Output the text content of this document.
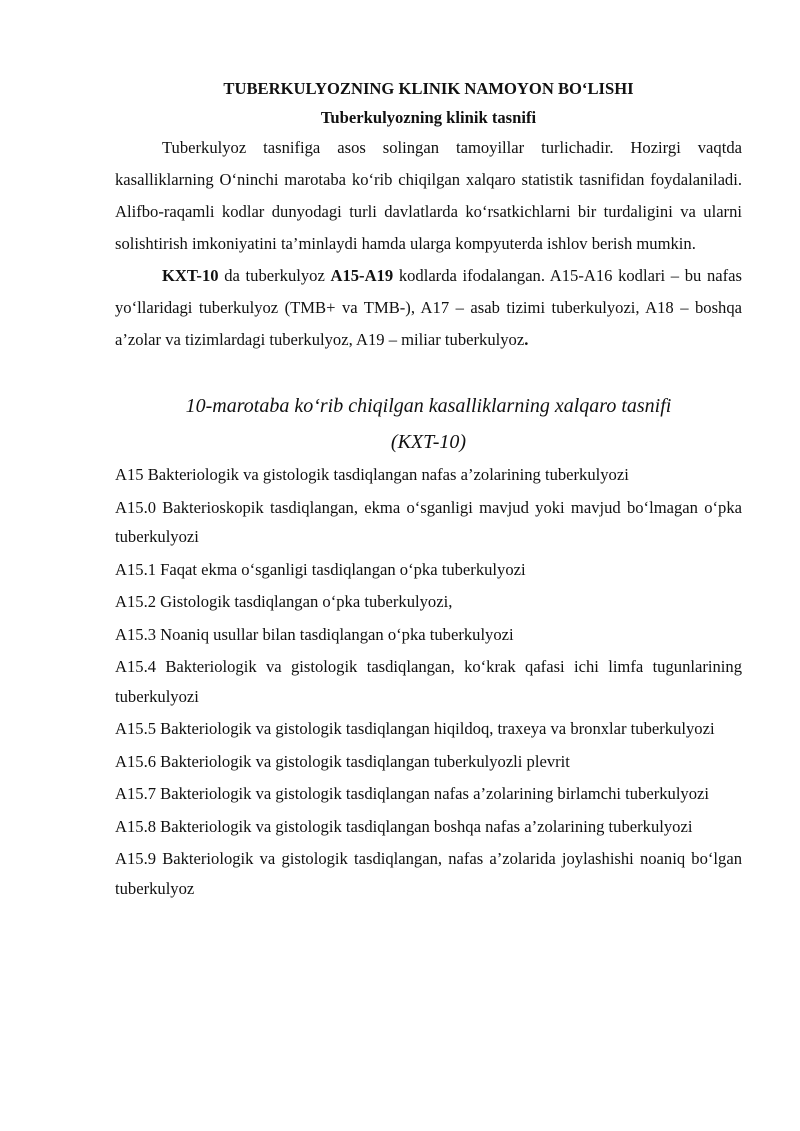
TUBERKULYOZNING KLINIK NAMOYON BO‘LISHI
Tuberkulyozning klinik tasnifi

Tuberkulyoz tasnifiga asos solingan tamoyillar turlichadir. Hozirgi vaqtda kasalliklarning O‘ninchi marotaba ko‘rib chiqilgan xalqaro statistik tasnifidan foydalaniladi. Alifbo-raqamli kodlar dunyodagi turli davlatlarda ko‘rsatkichlarni bir turdaligini va ularni solishtirish imkoniyatini ta’minlaydi hamda ularga kompyuterda ishlov berish mumkin.

KXT-10 da tuberkulyoz A15-A19 kodlarda ifodalangan. A15-A16 kodlari – bu nafas yo‘llaridagi tuberkulyoz (TMB+ va TMB-), A17 – asab tizimi tuberkulyozi, A18 – boshqa a’zolar va tizimlardagi tuberkulyoz, A19 – miliar tuberkulyoz.

10-marotaba ko‘rib chiqilgan kasalliklarning xalqaro tasnifi
(KXT-10)

A15 Bakteriologik va gistologik tasdiqlangan nafas a’zolarining tuberkulyozi

A15.0 Bakterioskopik tasdiqlangan, ekma o‘sganligi mavjud yoki mavjud bo‘lmagan o‘pka tuberkulyozi

A15.1 Faqat ekma o‘sganligi tasdiqlangan o‘pka tuberkulyozi

A15.2 Gistologik tasdiqlangan o‘pka tuberkulyozi,

A15.3 Noaniq usullar bilan tasdiqlangan o‘pka tuberkulyozi

A15.4 Bakteriologik va gistologik tasdiqlangan, ko‘krak qafasi ichi limfa tugunlarining tuberkulyozi

A15.5 Bakteriologik va gistologik tasdiqlangan hiqildoq, traxeya va bronxlar tuberkulyozi

A15.6 Bakteriologik va gistologik tasdiqlangan tuberkulyozli plevrit

A15.7 Bakteriologik va gistologik tasdiqlangan nafas a’zolarining birlamchi tuberkulyozi

A15.8 Bakteriologik va gistologik tasdiqlangan boshqa nafas a’zolarining tuberkulyozi

A15.9 Bakteriologik va gistologik tasdiqlangan, nafas a’zolarida joylashishi noaniq bo‘lgan tuberkulyoz
